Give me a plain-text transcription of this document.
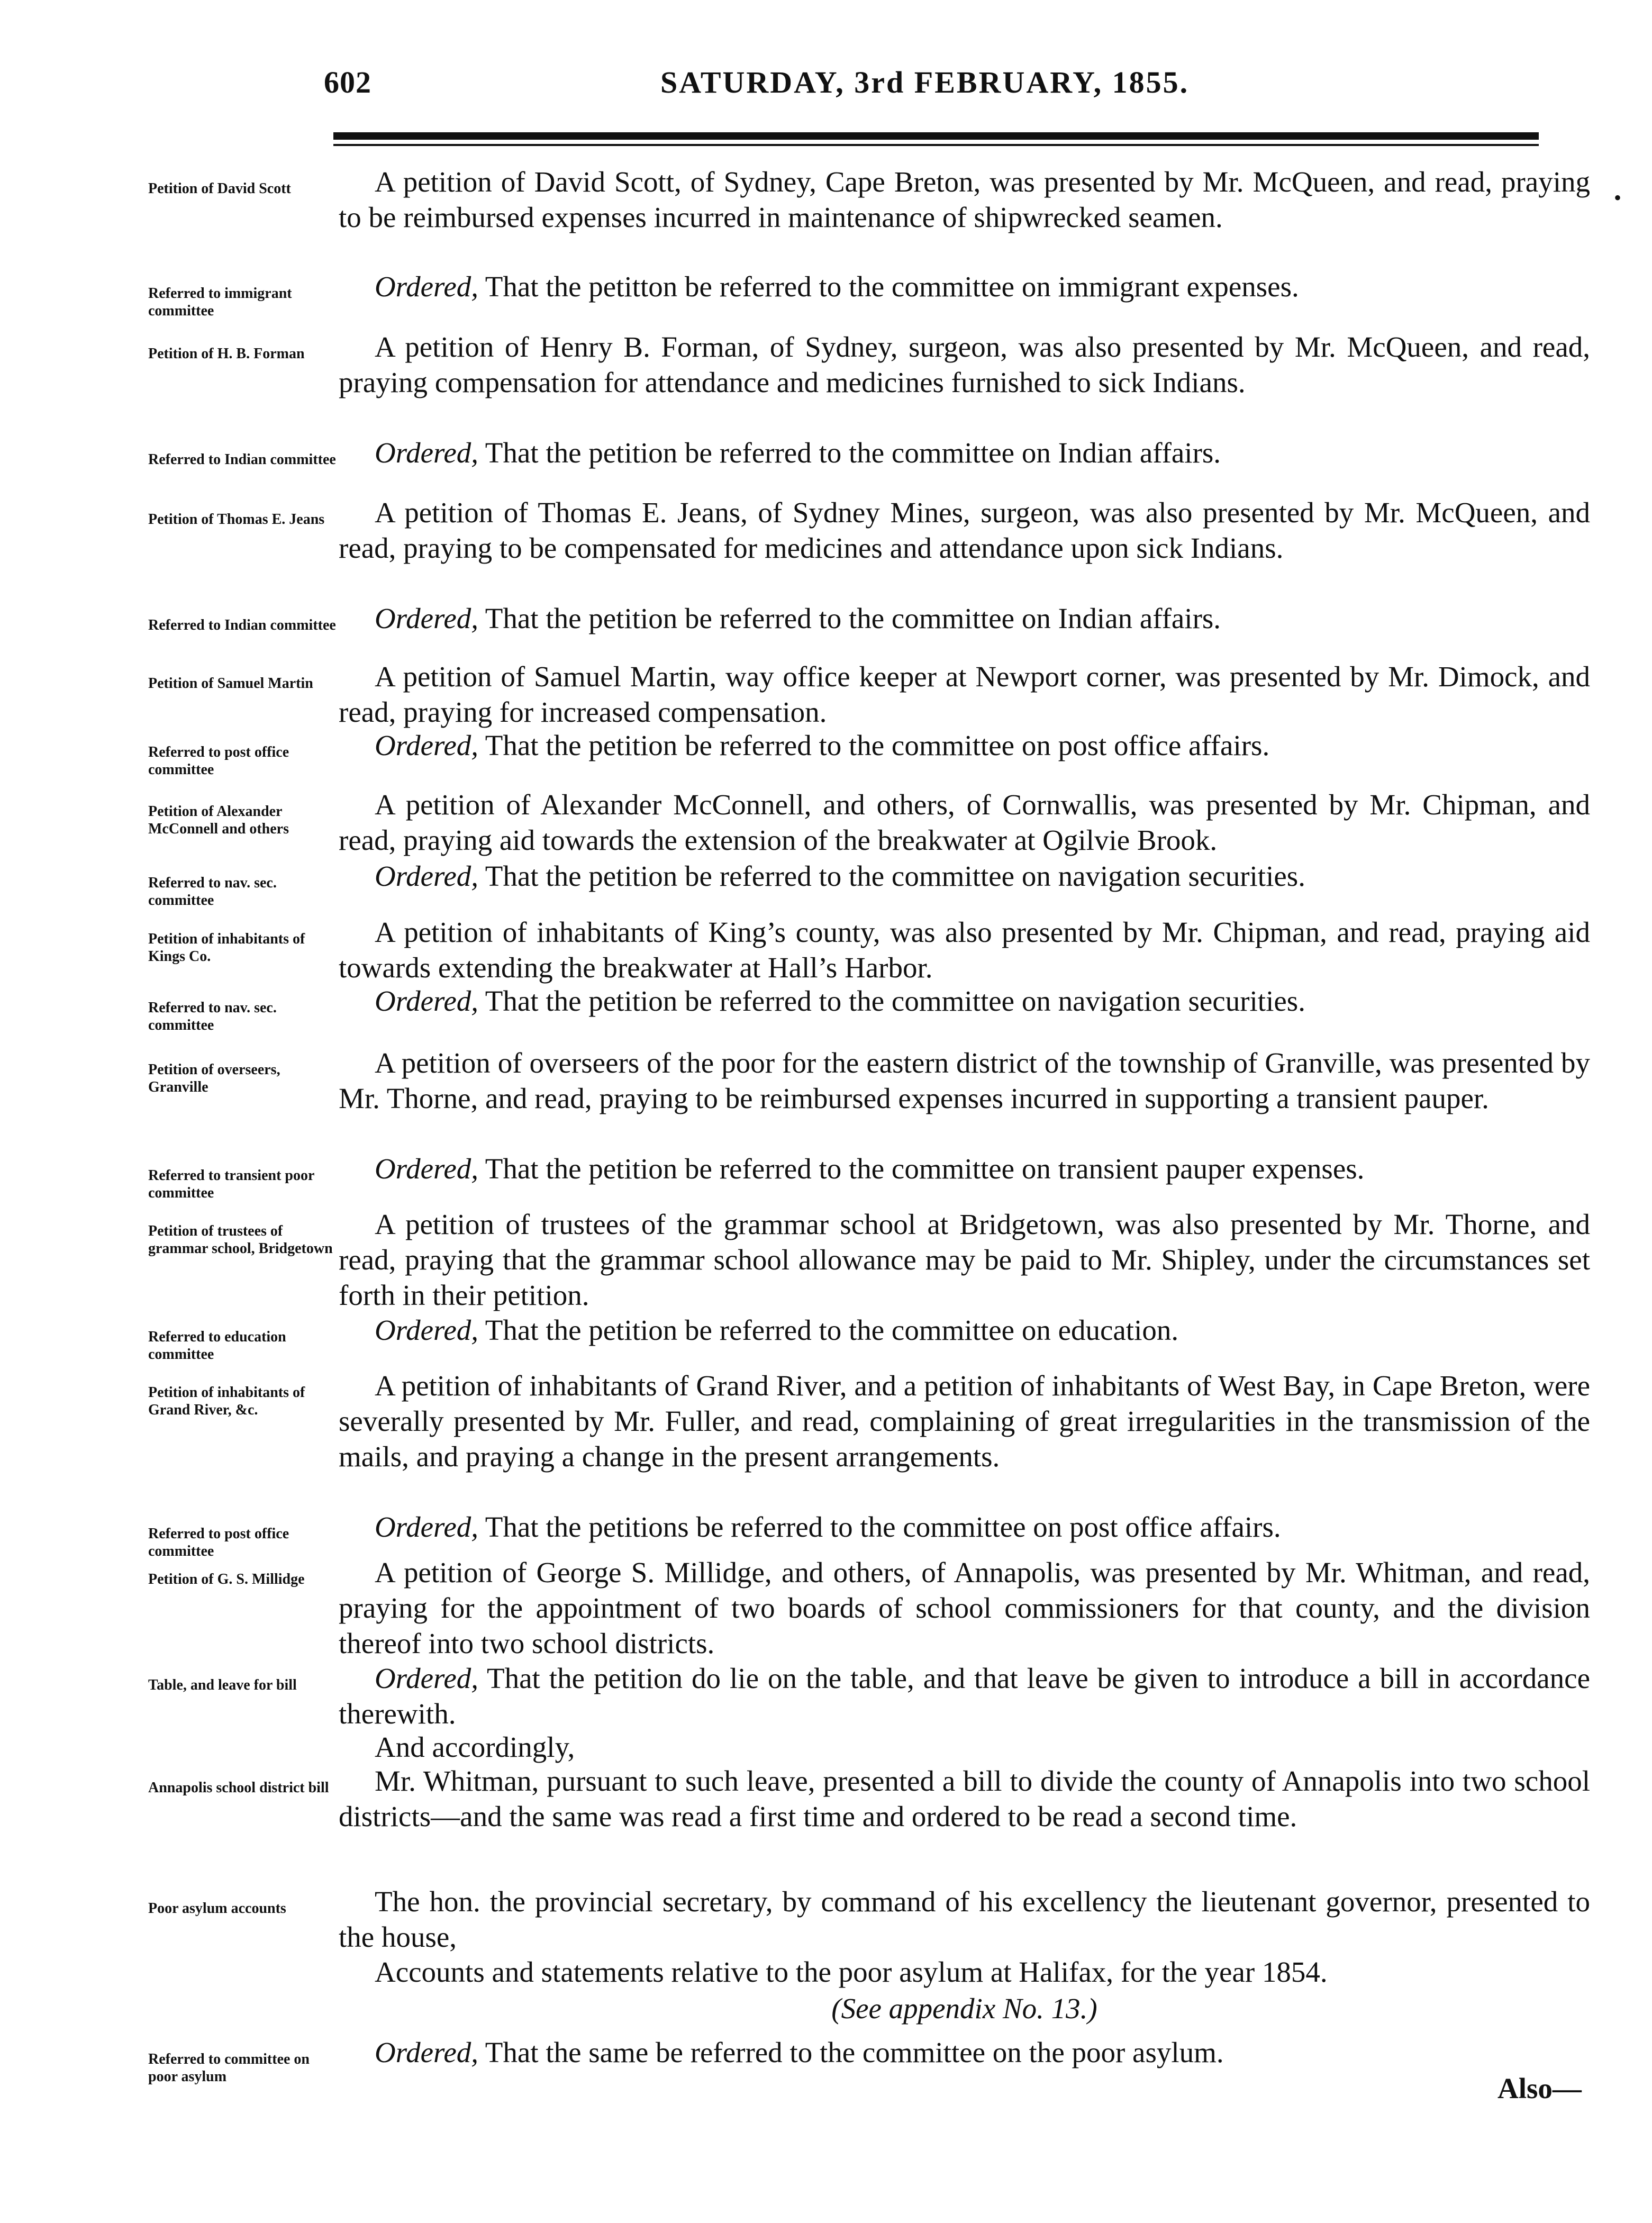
602	SATURDAY, 3rd FEBRUARY, 1855.
•
Petition of David Scott	A petition of David Scott, of Sydney, Cape Breton, was presented by Mr. McQueen, and read, praying to be reimbursed expenses incurred in maintenance of shipwrecked seamen.
Referred to immigrant committee
Ordered, That the petitton be referred to the committee on immigrant expenses.
Petition of H. B. Forman	A petition of Henry B. Forman, of Sydney, surgeon, was also presented by Mr. McQueen, and read, praying compensation for attendance and medicines furnished to sick Indians.
Referred to Indian committee	Ordered, That the petition be referred to the committee on Indian affairs.
Petition of Thomas E. Jeans	A petition of Thomas E. Jeans, of Sydney Mines, surgeon, was also presented by Mr. McQueen, and read, praying to be compensated for medicines and attendance upon sick Indians.
Referred to Indian committee	Ordered, That the petition be referred to the committee on Indian affairs.
Petition of Samuel Martin	A petition of Samuel Martin, way office keeper at Newport corner, was presented by Mr. Dimock, and read, praying for increased compensation.
Referred to post office committee
Ordered, That the petition be referred to the committee on post office affairs.
Petition of Alexander McConnell and others
A petition of Alexander McConnell, and others, of Cornwallis, was presented by Mr. Chipman, and read, praying aid towards the extension of the breakwater at Ogilvie Brook.
Referred to nav. sec. committee
Ordered, That the petition be referred to the committee on navigation securities.
Petition of inhabitants of Kings Co.
A petition of inhabitants of King’s county, was also presented by Mr. Chipman, and read, praying aid towards extending the breakwater at Hall’s Harbor.
Referred to nav. sec. committee
Ordered, That the petition be referred to the committee on navigation securities.
Petition of overseers, Granville
A petition of overseers of the poor for the eastern district of the township of Granville, was presented by Mr. Thorne, and read, praying to be reimbursed expenses incurred in supporting a transient pauper.
Referred to transient poor committee
Ordered, That the petition be referred to the committee on transient pauper expenses.
Petition of trustees of grammar school, Bridgetown
A petition of trustees of the grammar school at Bridgetown, was also presented by Mr. Thorne, and read, praying that the grammar school allowance may be paid to Mr. Shipley, under the circumstances set forth in their petition.
Referred to education committee
Ordered, That the petition be referred to the committee on education.
Petition of inhabitants of Grand River, &c.
A petition of inhabitants of Grand River, and a petition of inhabitants of West Bay, in Cape Breton, were severally presented by Mr. Fuller, and read, complaining of great irregularities in the transmission of the mails, and praying a change in the present arrangements.
Referred to post office committee
Ordered, That the petitions be referred to the committee on post office affairs.
Petition of G. S. Millidge	A petition of George S. Millidge, and others, of Annapolis, was presented by Mr. Whitman, and read, praying for the appointment of two boards of school commissioners for that county, and the division thereof into two school districts.
Table, and leave for bill	Ordered, That the petition do lie on the table, and that leave be given to introduce a bill in accordance therewith.
And accordingly,
Annapolis school district bill	Mr. Whitman, pursuant to such leave, presented a bill to divide the county of Annapolis into two school districts—and the same was read a first time and ordered to be read a second time.
Poor asylum accounts	The hon. the provincial secretary, by command of his excellency the lieutenant governor, presented to the house,
Accounts and statements relative to the poor asylum at Halifax, for the year 1854.
(See appendix No. 13.)
Referred to committee on poor asylum
Ordered, That the same be referred to the committee on the poor asylum.
Also—
